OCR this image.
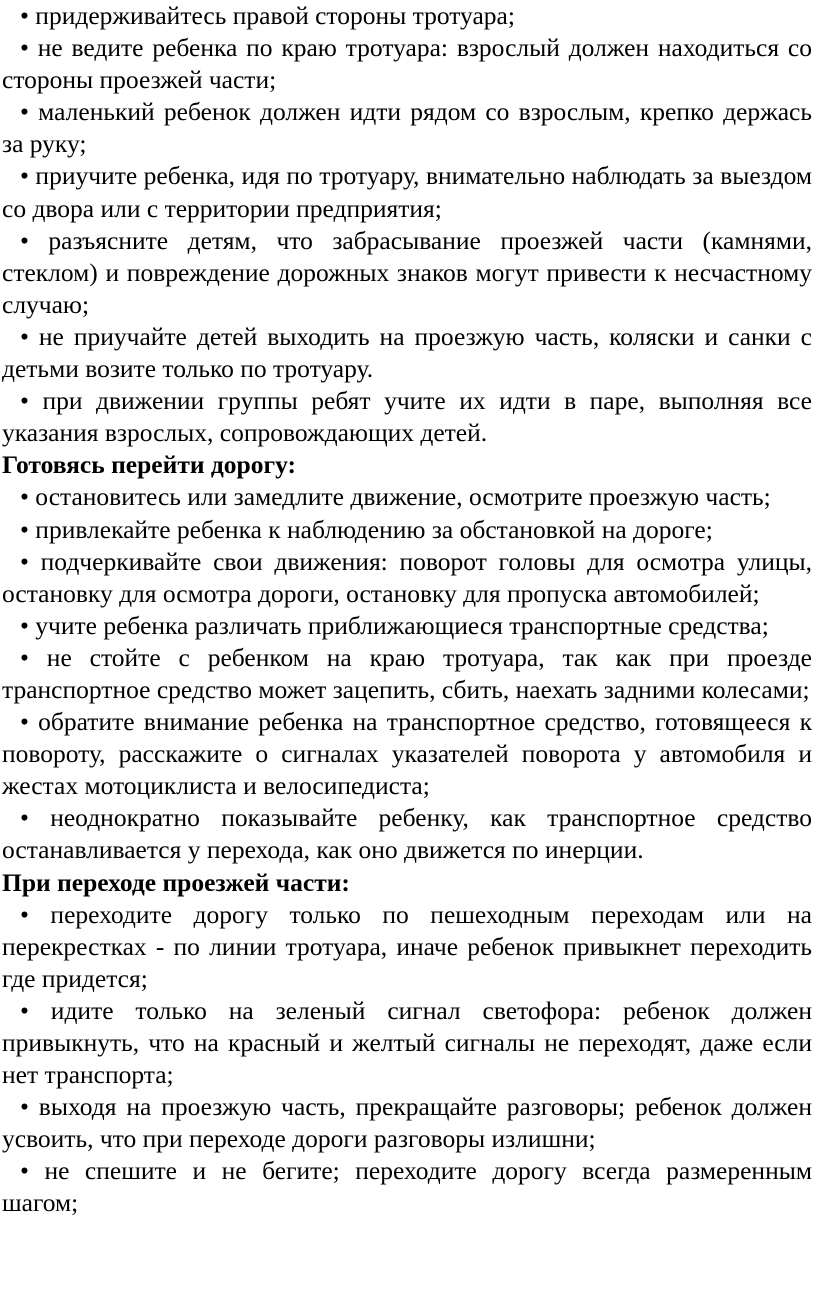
• придерживайтесь правой стороны тротуара;

• не ведите ребенка по краю тротуара: взрослый должен находиться со стороны проезжей части;

• маленький ребенок должен идти рядом со взрослым, крепко держась за руку;

• приучите ребенка, идя по тротуару, внимательно наблюдать за выездом со двора или с территории предприятия;

• разъясните детям, что забрасывание проезжей части (камнями, стеклом) и повреждение дорожных знаков могут привести к несчастному случаю;

• не приучайте детей выходить на проезжую часть, коляски и санки с детьми возите только по тротуару.

• при движении группы ребят учите их идти в паре, выполняя все указания взрослых, сопровождающих детей.

Готовясь перейти дорогу:

• остановитесь или замедлите движение, осмотрите проезжую часть;

• привлекайте ребенка к наблюдению за обстановкой на дороге;

• подчеркивайте свои движения: поворот головы для осмотра улицы, остановку для осмотра дороги, остановку для пропуска автомобилей;

• учите ребенка различать приближающиеся транспортные средства;

• не стойте с ребенком на краю тротуара, так как при проезде транспортное средство может зацепить, сбить, наехать задними колесами;

• обратите внимание ребенка на транспортное средство, готовящееся к повороту, расскажите о сигналах указателей поворота у автомобиля и жестах мотоциклиста и велосипедиста;

• неоднократно показывайте ребенку, как транспортное средство останавливается у перехода, как оно движется по инерции.

При переходе проезжей части:

• переходите дорогу только по пешеходным переходам или на перекрестках - по линии тротуара, иначе ребенок привыкнет переходить где придется;

• идите только на зеленый сигнал светофора: ребенок должен привыкнуть, что на красный и желтый сигналы не переходят, даже если нет транспорта;

• выходя на проезжую часть, прекращайте разговоры; ребенок должен усвоить, что при переходе дороги разговоры излишни;

• не спешите и не бегите; переходите дорогу всегда размеренным шагом;
